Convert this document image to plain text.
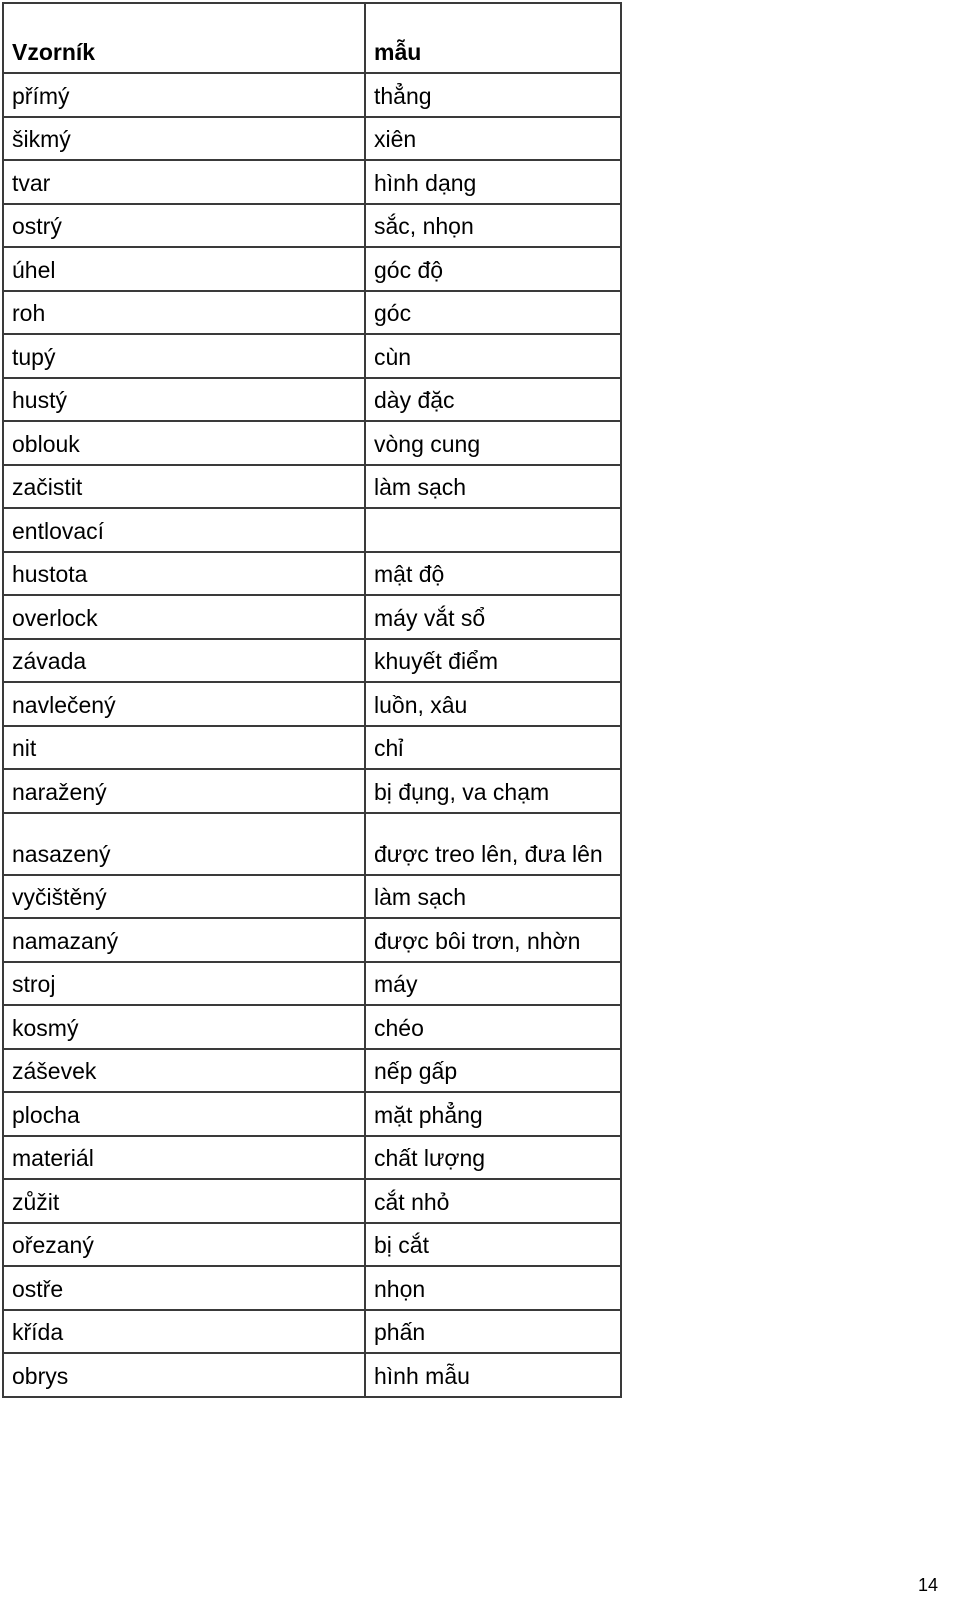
Vzorník	mẫu
přímý	thẳng
šikmý	xiên
tvar	hình dạng
ostrý	sắc, nhọn
úhel	góc độ
roh	góc
tupý	cùn
hustý	dày đặc
oblouk	vòng cung
začistit	làm sạch
entlovací	
hustota	mật độ
overlock	máy vắt sổ
závada	khuyết điểm
navlečený	luồn, xâu
nit	chỉ
naražený	bị đụng, va chạm
nasazený	được treo lên, đưa lên
vyčištěný	làm sạch
namazaný	được bôi trơn, nhờn
stroj	máy
kosmý	chéo
záševek	nếp gấp
plocha	mặt phẳng
materiál	chất lượng
zůžit	cắt nhỏ
ořezaný	bị cắt
ostře	nhọn
křída	phấn
obrys	hình mẫu
14
